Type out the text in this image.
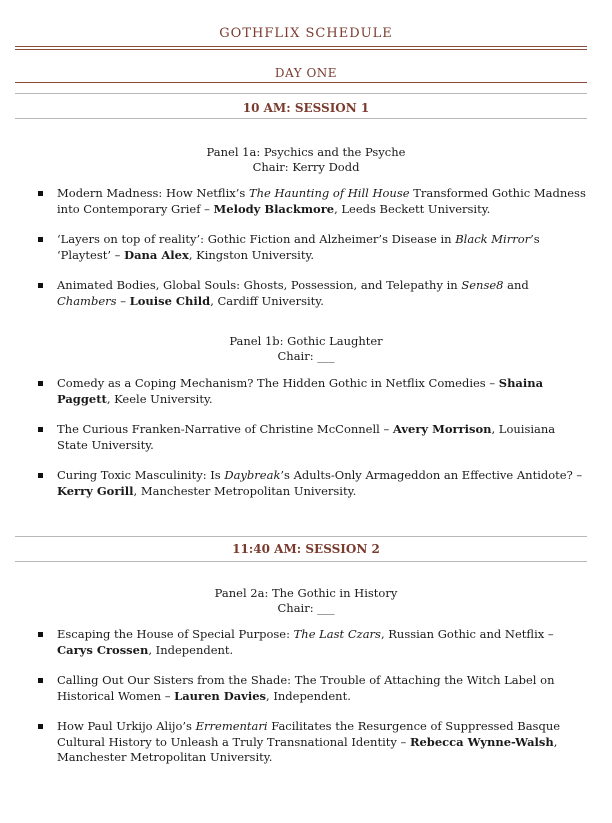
GOTHFLIX SCHEDULE
DAY ONE
10 AM: SESSION 1
Panel 1a: Psychics and the Psyche
Chair: Kerry Dodd
Modern Madness: How Netflix’s The Haunting of Hill House Transformed Gothic Madness into Contemporary Grief – Melody Blackmore, Leeds Beckett University.
‘Layers on top of reality’: Gothic Fiction and Alzheimer’s Disease in Black Mirror’s ‘Playtest’ – Dana Alex, Kingston University.
Animated Bodies, Global Souls: Ghosts, Possession, and Telepathy in Sense8 and Chambers – Louise Child, Cardiff University.
Panel 1b: Gothic Laughter
Chair: ___
Comedy as a Coping Mechanism? The Hidden Gothic in Netflix Comedies – Shaina Paggett, Keele University.
The Curious Franken-Narrative of Christine McConnell – Avery Morrison, Louisiana State University.
Curing Toxic Masculinity: Is Daybreak’s Adults-Only Armageddon an Effective Antidote? – Kerry Gorill, Manchester Metropolitan University.
11:40 AM: SESSION 2
Panel 2a: The Gothic in History
Chair: ___
Escaping the House of Special Purpose: The Last Czars, Russian Gothic and Netflix – Carys Crossen, Independent.
Calling Out Our Sisters from the Shade: The Trouble of Attaching the Witch Label on Historical Women – Lauren Davies, Independent.
How Paul Urkijo Alijo’s Errementari Facilitates the Resurgence of Suppressed Basque Cultural History to Unleash a Truly Transnational Identity – Rebecca Wynne-Walsh, Manchester Metropolitan University.
